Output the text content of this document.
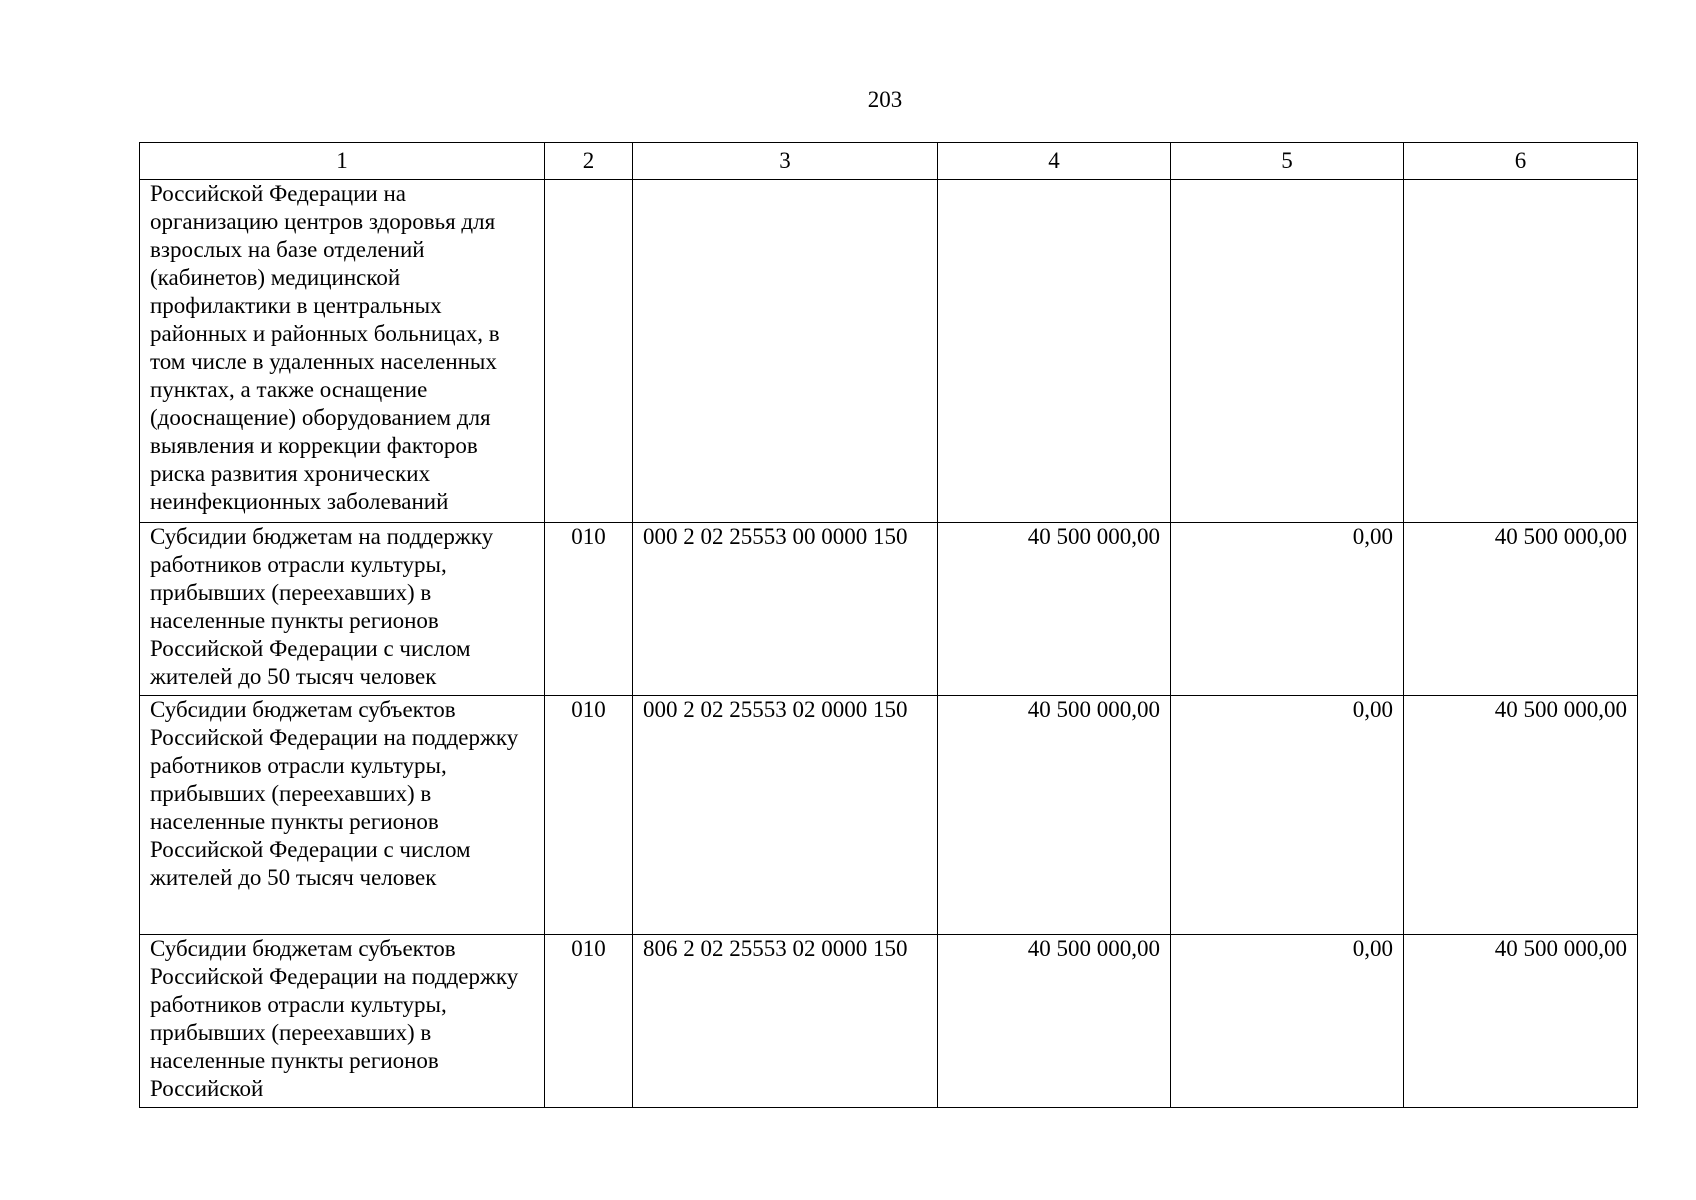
203
1	2	3	4	5	6
Российской Федерации на организацию центров здоровья для взрослых на базе отделений (кабинетов) медицинской профилактики в центральных районных и районных больницах, в том числе в удаленных населенных пунктах, а также оснащение (дооснащение) оборудованием для выявления и коррекции факторов риска развития хронических неинфекционных заболеваний					
Субсидии бюджетам на поддержку работников отрасли культуры, прибывших (переехавших) в населенные пункты регионов Российской Федерации с числом жителей до 50 тысяч человек	010	000 2 02 25553 00 0000 150	40 500 000,00	0,00	40 500 000,00
Субсидии бюджетам субъектов Российской Федерации на поддержку работников отрасли культуры, прибывших (переехавших) в населенные пункты регионов Российской Федерации с числом жителей до 50 тысяч человек	010	000 2 02 25553 02 0000 150	40 500 000,00	0,00	40 500 000,00
Субсидии бюджетам субъектов Российской Федерации на поддержку работников отрасли культуры, прибывших (переехавших) в населенные пункты регионов Российской	010	806 2 02 25553 02 0000 150	40 500 000,00	0,00	40 500 000,00
